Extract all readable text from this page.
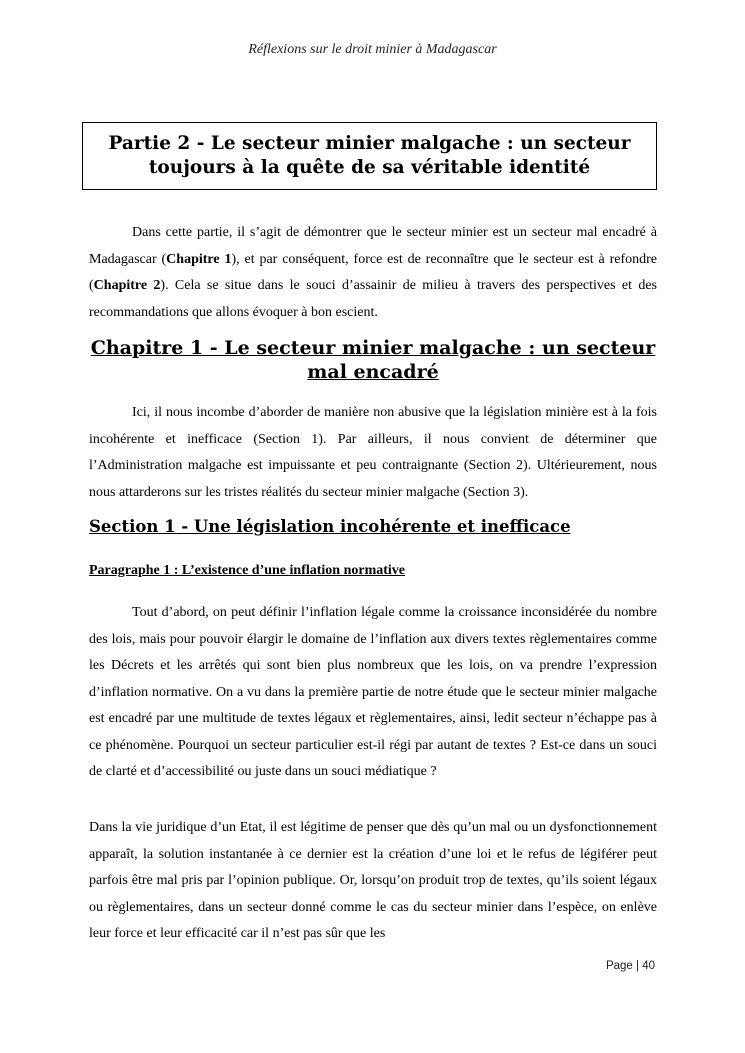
Réflexions sur le droit minier à Madagascar
Partie 2 - Le secteur minier malgache : un secteur toujours à la quête de sa véritable identité

Dans cette partie, il s’agit de démontrer que le secteur minier est un secteur mal encadré à Madagascar (Chapitre 1), et par conséquent, force est de reconnaître que le secteur est à refondre (Chapitre 2). Cela se situe dans le souci d’assainir de milieu à travers des perspectives et des recommandations que allons évoquer à bon escient.

Chapitre 1 - Le secteur minier malgache : un secteur mal encadré

Ici, il nous incombe d’aborder de manière non abusive que la législation minière est à la fois incohérente et inefficace (Section 1). Par ailleurs, il nous convient de déterminer que l’Administration malgache est impuissante et peu contraignante (Section 2). Ultérieurement, nous nous attarderons sur les tristes réalités du secteur minier malgache (Section 3).

Section 1 - Une législation incohérente et inefficace

Paragraphe 1 : L’existence d’une inflation normative

Tout d’abord, on peut définir l’inflation légale comme la croissance inconsidérée du nombre des lois, mais pour pouvoir élargir le domaine de l’inflation aux divers textes règlementaires comme les Décrets et les arrêtés qui sont bien plus nombreux que les lois, on va prendre l’expression d’inflation normative. On a vu dans la première partie de notre étude que le secteur minier malgache est encadré par une multitude de textes légaux et règlementaires, ainsi, ledit secteur n’échappe pas à ce phénomène. Pourquoi un secteur particulier est-il régi par autant de textes ? Est-ce dans un souci de clarté et d’accessibilité ou juste dans un souci médiatique ?

Dans la vie juridique d’un Etat, il est légitime de penser que dès qu’un mal ou un dysfonctionnement apparaît, la solution instantanée à ce dernier est la création d’une loi et le refus de légiférer peut parfois être mal pris par l’opinion publique. Or, lorsqu’on produit trop de textes, qu’ils soient légaux ou règlementaires, dans un secteur donné comme le cas du secteur minier dans l’espèce, on enlève leur force et leur efficacité car il n’est pas sûr que les

Page | 40
